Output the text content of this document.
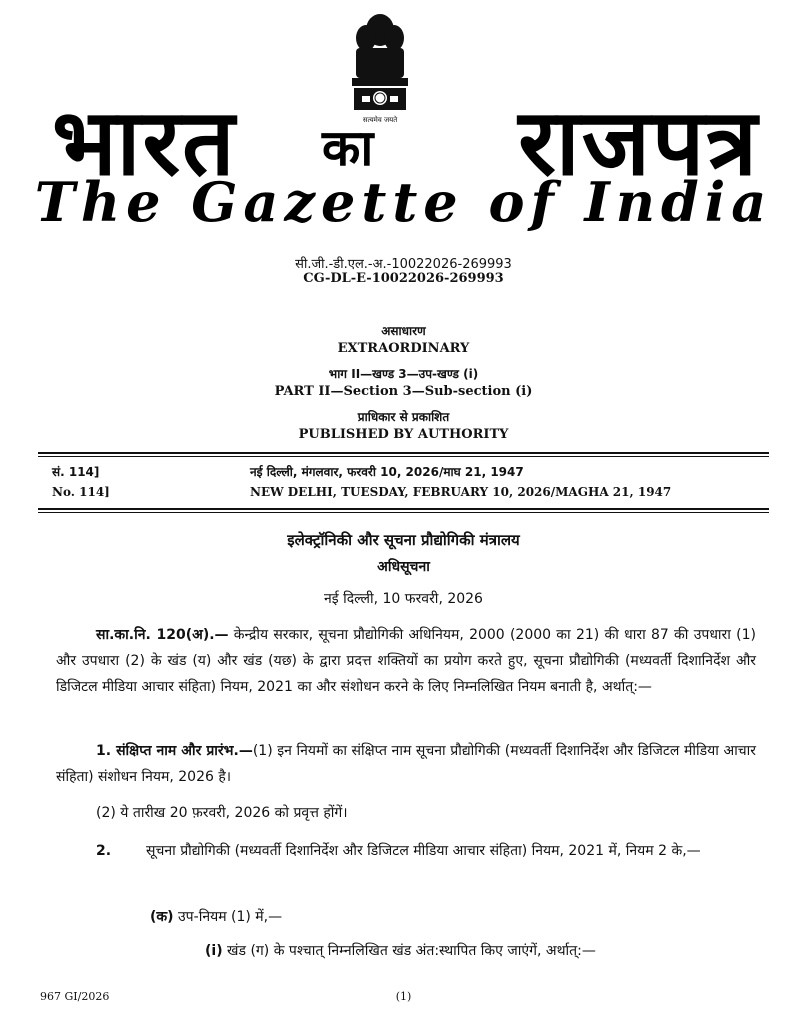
सत्यमेव जयते
भारत का राजपत्र
The Gazette of India
सी.जी.-डी.एल.-अ.-10022026-269993
CG-DL-E-10022026-269993
असाधारण
EXTRAORDINARY
भाग II—खण्ड 3—उप-खण्ड (i)
PART II—Section 3—Sub-section (i)
प्राधिकार से प्रकाशित
PUBLISHED BY AUTHORITY
सं. 114]	नई दिल्ली, मंगलवार, फरवरी 10, 2026/माघ 21, 1947
No. 114]	NEW DELHI, TUESDAY, FEBRUARY 10, 2026/MAGHA 21, 1947
इलेक्ट्रॉनिकी और सूचना प्रौद्योगिकी मंत्रालय
अधिसूचना
नई दिल्ली, 10 फरवरी, 2026
सा.का.नि. 120(अ).— केन्द्रीय सरकार, सूचना प्रौद्योगिकी अधिनियम, 2000 (2000 का 21) की धारा 87 की उपधारा (1) और उपधारा (2) के खंड (य) और खंड (यछ) के द्वारा प्रदत्त शक्तियों का प्रयोग करते हुए, सूचना प्रौद्योगिकी (मध्यवर्ती दिशानिर्देश और डिजिटल मीडिया आचार संहिता) नियम, 2021 का और संशोधन करने के लिए निम्नलिखित नियम बनाती है, अर्थात्:—
1. संक्षिप्त नाम और प्रारंभ.—(1) इन नियमों का संक्षिप्त नाम सूचना प्रौद्योगिकी (मध्यवर्ती दिशानिर्देश और डिजिटल मीडिया आचार संहिता) संशोधन नियम, 2026 है।
(2) ये तारीख 20 फ़रवरी, 2026 को प्रवृत्त होंगें।
2. सूचना प्रौद्योगिकी (मध्यवर्ती दिशानिर्देश और डिजिटल मीडिया आचार संहिता) नियम, 2021 में, नियम 2 के,—
(क) उप-नियम (1) में,—
(i) खंड (ग) के पश्चात् निम्नलिखित खंड अंत:स्थापित किए जाएंगें, अर्थात्:—
967 GI/2026	(1)
